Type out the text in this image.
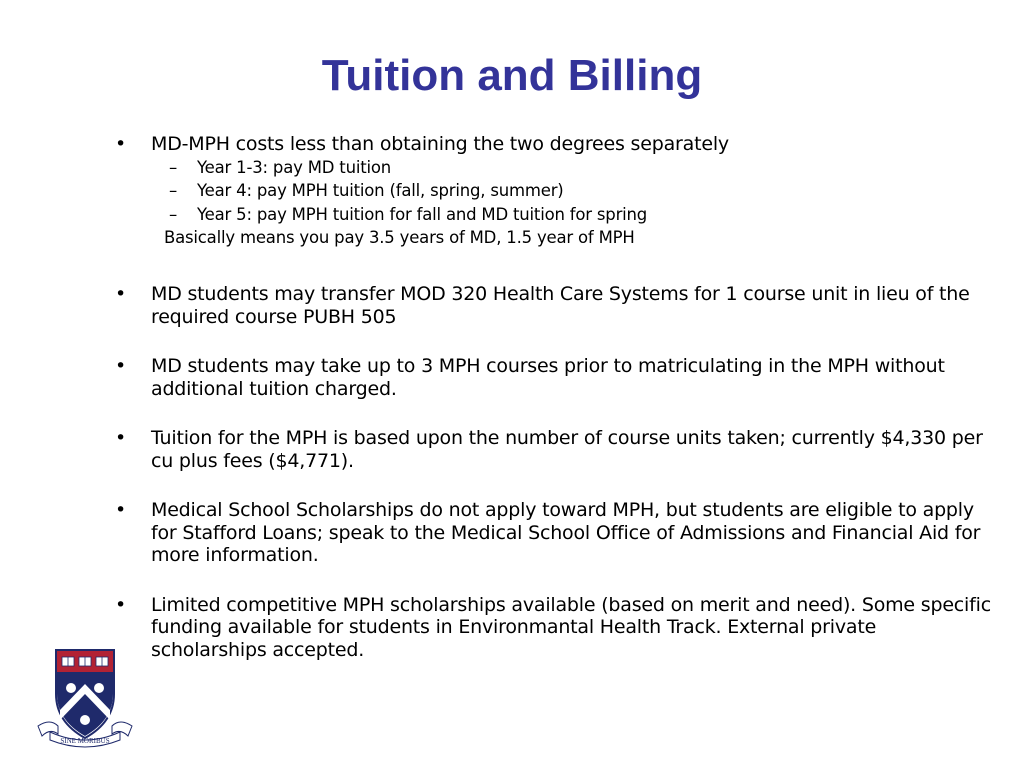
Tuition and Billing
• MD-MPH costs less than obtaining the two degrees separately
– Year 1-3: pay MD tuition
– Year 4: pay MPH tuition (fall, spring, summer)
– Year 5: pay MPH tuition for fall and MD tuition for spring
Basically means you pay 3.5 years of MD, 1.5 year of MPH
• MD students may transfer MOD 320 Health Care Systems for 1 course unit in lieu of the required course PUBH 505
• MD students may take up to 3 MPH courses prior to matriculating in the MPH without additional tuition charged.
• Tuition for the MPH is based upon the number of course units taken; currently $4,330 per cu plus fees ($4,771).
• Medical School Scholarships do not apply toward MPH, but students are eligible to apply for Stafford Loans; speak to the Medical School Office of Admissions and Financial Aid for more information.
• Limited competitive MPH scholarships available (based on merit and need). Some specific funding available for students in Environmantal Health Track. External private scholarships accepted.
SINE MORIBUS
